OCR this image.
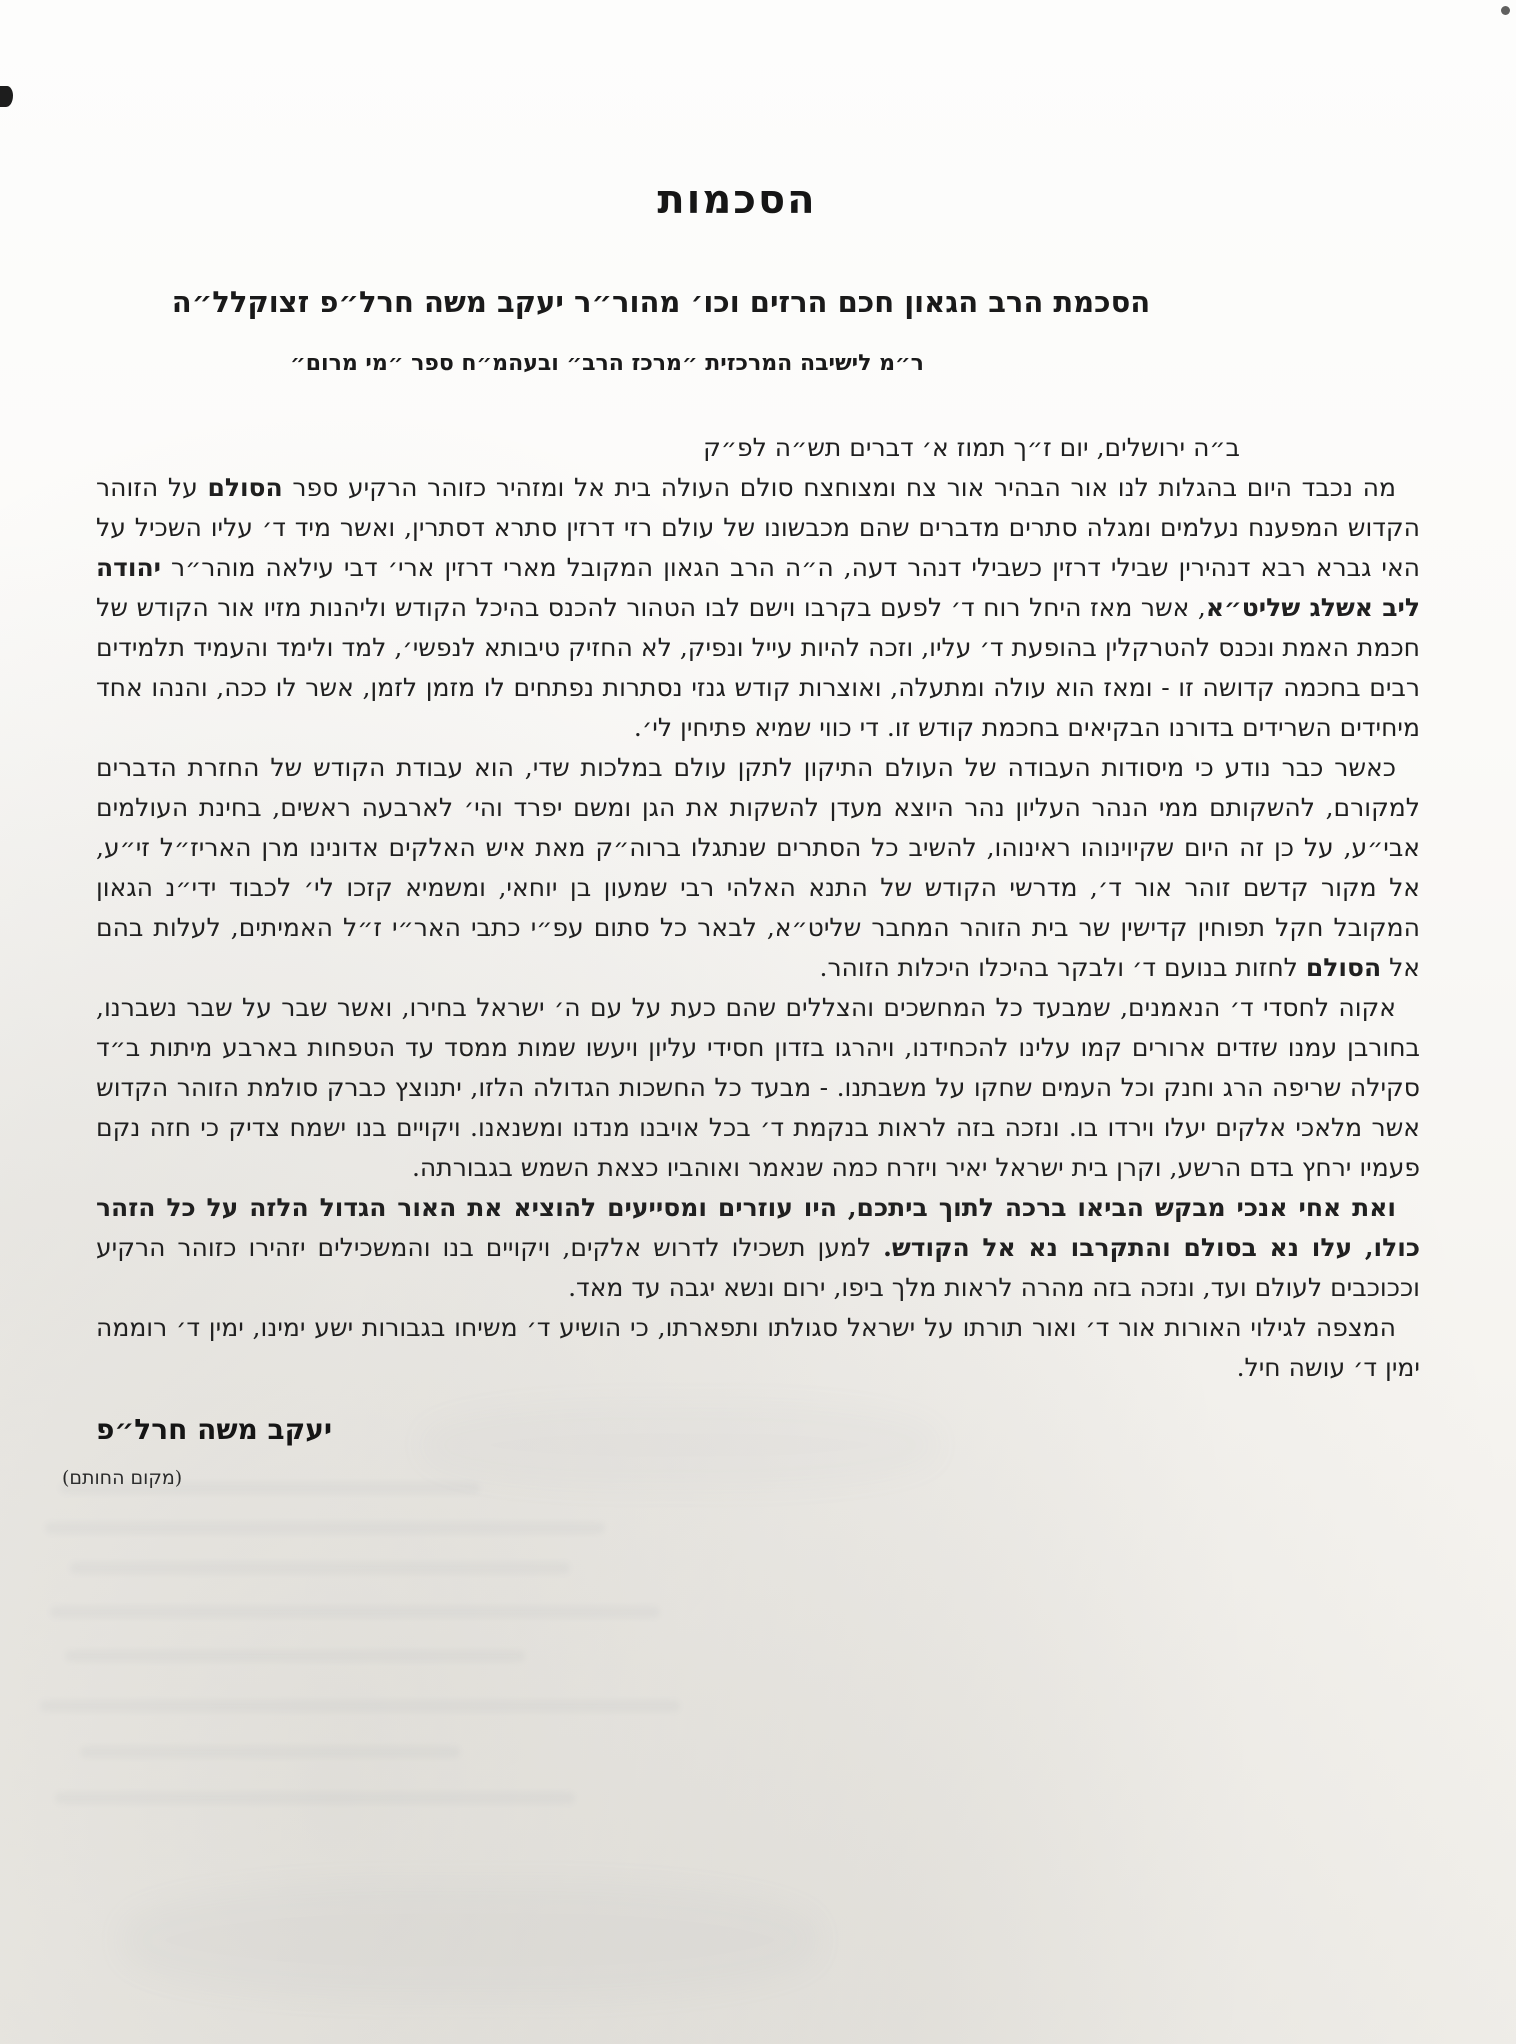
הסכמות
הסכמת הרב הגאון חכם הרזים וכו׳ מהור״ר יעקב משה חרל״פ זצוקלל״ה
ר״מ לישיבה המרכזית ״מרכז הרב״ ובעהמ״ח ספר ״מי מרום״

ב״ה ירושלים, יום ז״ך תמוז א׳ דברים תש״ה לפ״ק

מה נכבד היום בהגלות לנו אור הבהיר אור צח ומצוחצח סולם העולה בית אל ומזהיר כזוהר הרקיע ספר הסולם על הזוהר הקדוש המפענח נעלמים ומגלה סתרים מדברים שהם מכבשונו של עולם רזי דרזין סתרא דסתרין, ואשר מיד ד׳ עליו השכיל על האי גברא רבא דנהירין שבילי דרזין כשבילי דנהר דעה, ה״ה הרב הגאון המקובל מארי דרזין ארי׳ דבי עילאה מוהר״ר יהודה ליב אשלג שליט״א, אשר מאז היחל רוח ד׳ לפעם בקרבו וישם לבו הטהור להכנס בהיכל הקודש וליהנות מזיו אור הקודש של חכמת האמת ונכנס להטרקלין בהופעת ד׳ עליו, וזכה להיות עייל ונפיק, לא החזיק טיבותא לנפשי׳, למד ולימד והעמיד תלמידים רבים בחכמה קדושה זו - ומאז הוא עולה ומתעלה, ואוצרות קודש גנזי נסתרות נפתחים לו מזמן לזמן, אשר לו ככה, והנהו אחד מיחידים השרידים בדורנו הבקיאים בחכמת קודש זו. די כווי שמיא פתיחין לי׳.

כאשר כבר נודע כי מיסודות העבודה של העולם התיקון לתקן עולם במלכות שדי, הוא עבודת הקודש של החזרת הדברים למקורם, להשקותם ממי הנהר העליון נהר היוצא מעדן להשקות את הגן ומשם יפרד והי׳ לארבעה ראשים, בחינת העולמים אבי״ע, על כן זה היום שקיוינוהו ראינוהו, להשיב כל הסתרים שנתגלו ברוה״ק מאת איש האלקים אדונינו מרן האריז״ל זי״ע, אל מקור קדשם זוהר אור ד׳, מדרשי הקודש של התנא האלהי רבי שמעון בן יוחאי, ומשמיא קזכו לי׳ לכבוד ידי״נ הגאון המקובל חקל תפוחין קדישין שר בית הזוהר המחבר שליט״א, לבאר כל סתום עפ״י כתבי האר״י ז״ל האמיתים, לעלות בהם אל הסולם לחזות בנועם ד׳ ולבקר בהיכלו היכלות הזוהר.

אקוה לחסדי ד׳ הנאמנים, שמבעד כל המחשכים והצללים שהם כעת על עם ה׳ ישראל בחירו, ואשר שבר על שבר נשברנו, בחורבן עמנו שזדים ארורים קמו עלינו להכחידנו, ויהרגו בזדון חסידי עליון ויעשו שמות ממסד עד הטפחות בארבע מיתות ב״ד סקילה שריפה הרג וחנק וכל העמים שחקו על משבתנו. - מבעד כל החשכות הגדולה הלזו, יתנוצץ כברק סולמת הזוהר הקדוש אשר מלאכי אלקים יעלו וירדו בו. ונזכה בזה לראות בנקמת ד׳ בכל אויבנו מנדנו ומשנאנו. ויקויים בנו ישמח צדיק כי חזה נקם פעמיו ירחץ בדם הרשע, וקרן בית ישראל יאיר ויזרח כמה שנאמר ואוהביו כצאת השמש בגבורתה.

ואת אחי אנכי מבקש הביאו ברכה לתוך ביתכם, היו עוזרים ומסייעים להוציא את האור הגדול הלזה על כל הזהר כולו, עלו נא בסולם והתקרבו נא אל הקודש. למען תשכילו לדרוש אלקים, ויקויים בנו והמשכילים יזהירו כזוהר הרקיע וככוכבים לעולם ועד, ונזכה בזה מהרה לראות מלך ביפו, ירום ונשא יגבה עד מאד.

המצפה לגילוי האורות אור ד׳ ואור תורתו על ישראל סגולתו ותפארתו, כי הושיע ד׳ משיחו בגבורות ישע ימינו, ימין ד׳ רוממה ימין ד׳ עושה חיל.

יעקב משה חרל״פ
(מקום החותם)
